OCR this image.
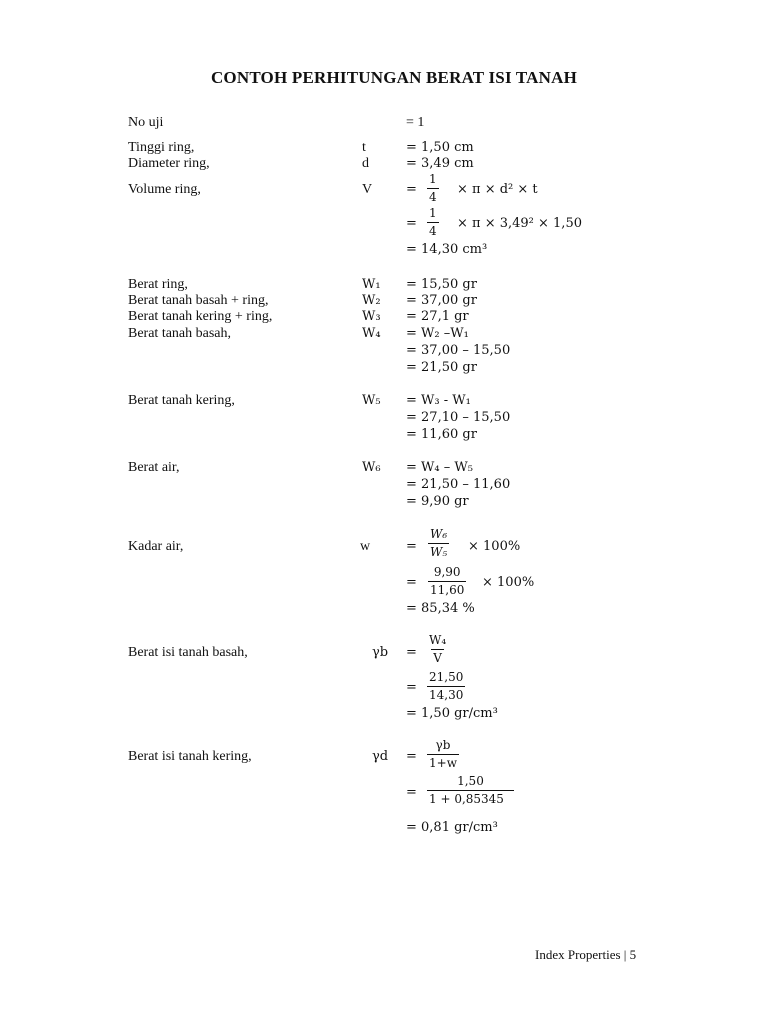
CONTOH PERHITUNGAN BERAT ISI TANAH
No uji	= 1
Tinggi ring,	t	= 1,50 cm
Diameter ring,	d	= 3,49 cm
Volume ring,	V	= $\frac{1}{4} \times \pi \times d^2 \times t$
= $\frac{1}{4} \times \pi \times 3,49^2 \times 1,50$
= 14,30 cm³
Berat ring,	W₁ = 15,50 gr
Berat tanah basah + ring,	W₂ = 37,00 gr
Berat tanah kering + ring,	W₃ = 27,1 gr
Berat tanah basah,	W₄ = W₂ –W₁
= 37,00 – 15,50
= 21,50 gr
Berat tanah kering,	W₅ = W₃ - W₁
= 27,10 – 15,50
= 11,60 gr
Berat air,	W₆ = W₄ – W₅
= 21,50 – 11,60
= 9,90 gr
Kadar air,	w	= $\frac{\text{W₆}}{\text{W₅}} \times 100\%$
= $\frac{9,90}{11,60} \times 100\%$
= 85,34 %
Berat isi tanah basah,	$\gamma b = \frac{\text{W₄}}{V}$
= $\frac{21,50}{14,30}$
= 1,50 gr/cm³
Berat isi tanah kering,	$\gamma d = \frac{\gamma b}{1+w}$
= $\frac{1,50}{1 + 0,85345}$
= 0,81 gr/cm³
Index Properties | 5
